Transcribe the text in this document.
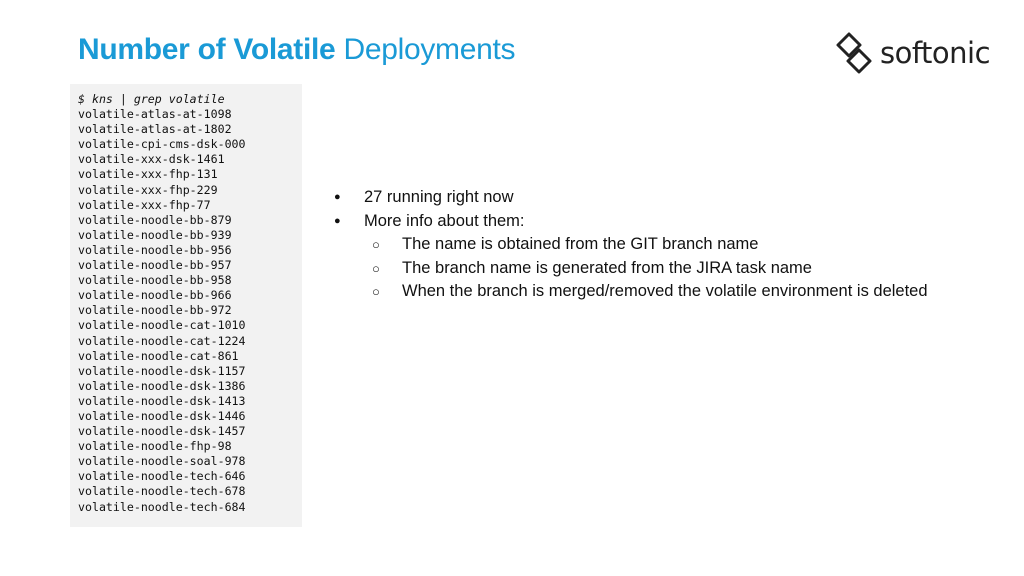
Number of Volatile Deployments	softonic
$ kns | grep volatile
volatile-atlas-at-1098
volatile-atlas-at-1802
volatile-cpi-cms-dsk-000
volatile-xxx-dsk-1461
volatile-xxx-fhp-131
volatile-xxx-fhp-229
volatile-xxx-fhp-77
volatile-noodle-bb-879
volatile-noodle-bb-939
volatile-noodle-bb-956
volatile-noodle-bb-957
volatile-noodle-bb-958
volatile-noodle-bb-966
volatile-noodle-bb-972
volatile-noodle-cat-1010
volatile-noodle-cat-1224
volatile-noodle-cat-861
volatile-noodle-dsk-1157
volatile-noodle-dsk-1386
volatile-noodle-dsk-1413
volatile-noodle-dsk-1446
volatile-noodle-dsk-1457
volatile-noodle-fhp-98
volatile-noodle-soal-978
volatile-noodle-tech-646
volatile-noodle-tech-678
volatile-noodle-tech-684
● 27 running right now
● More info about them:
○ The name is obtained from the GIT branch name
○ The branch name is generated from the JIRA task name
○ When the branch is merged/removed the volatile environment is deleted
